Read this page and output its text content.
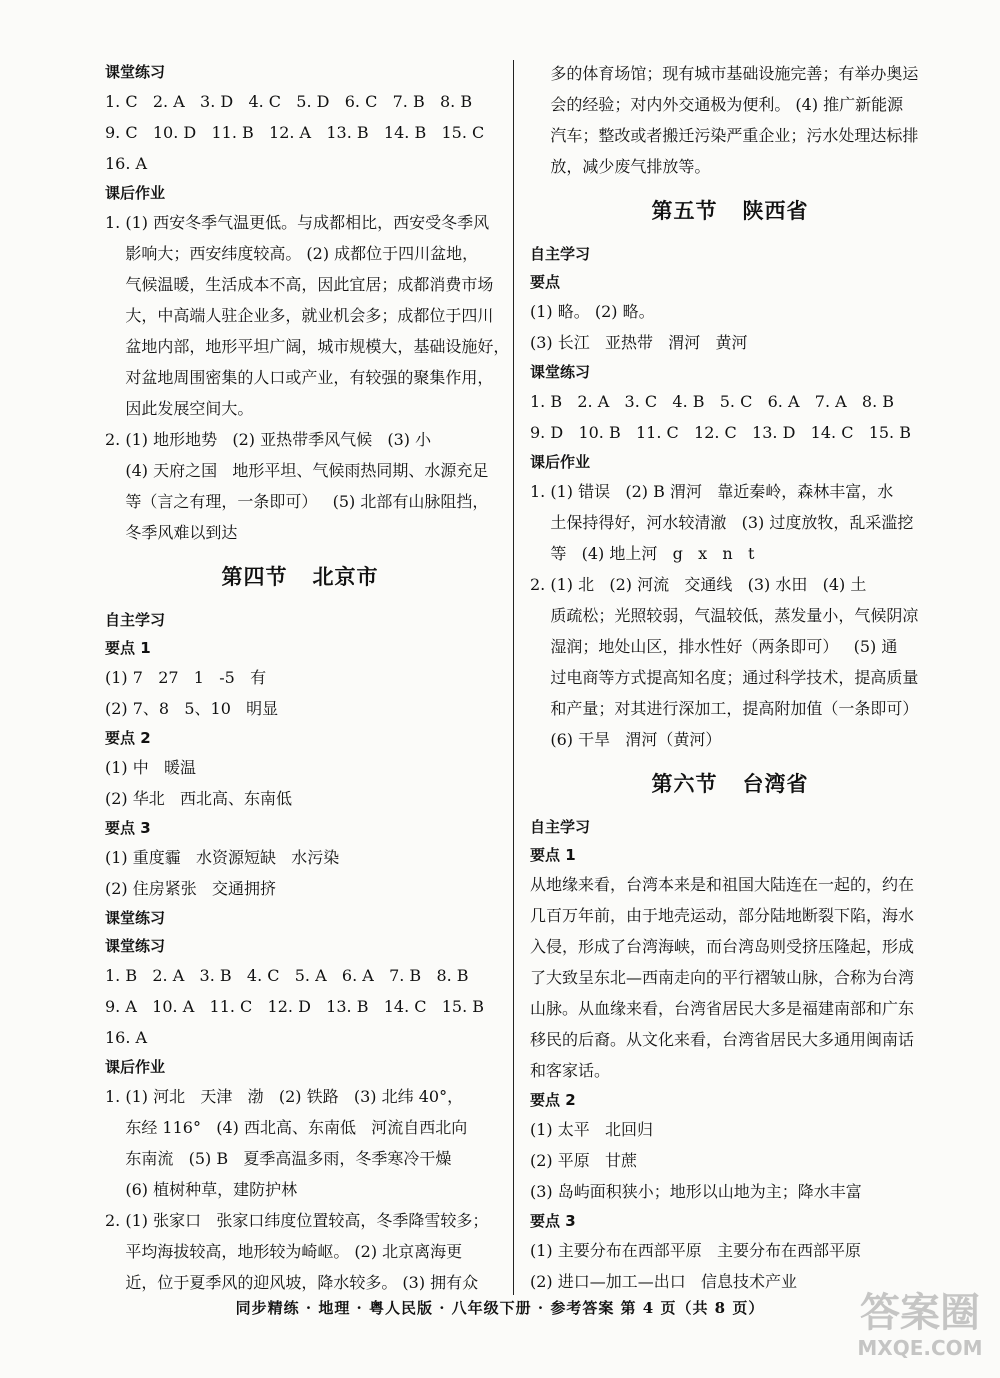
课堂练习
1. C   2. A   3. D   4. C   5. D   6. C   7. B   8. B
9. C   10. D   11. B   12. A   13. B   14. B   15. C
16. A
课后作业
1. (1) 西安冬季气温更低。与成都相比，西安受冬季风
影响大；西安纬度较高。 (2) 成都位于四川盆地，
气候温暖，生活成本不高，因此宜居；成都消费市场
大，中高端人驻企业多，就业机会多；成都位于四川
盆地内部，地形平坦广阔，城市规模大，基础设施好，
对盆地周围密集的人口或产业，有较强的聚集作用，
因此发展空间大。
2. (1) 地形地势   (2) 亚热带季风气候   (3) 小
(4) 天府之国   地形平坦、气候雨热同期、水源充足
等（言之有理，一条即可）   (5) 北部有山脉阻挡，
冬季风难以到达
第四节   北京市
自主学习
要点 1
(1) 7   27   1   -5   有
(2) 7、8   5、10   明显
要点 2
(1) 中   暖温
(2) 华北   西北高、东南低
要点 3
(1) 重度霾   水资源短缺   水污染
(2) 住房紧张   交通拥挤
课堂练习
课堂练习
1. B   2. A   3. B   4. C   5. A   6. A   7. B   8. B
9. A   10. A   11. C   12. D   13. B   14. C   15. B
16. A
课后作业
1. (1) 河北   天津   渤   (2) 铁路   (3) 北纬 40°，
东经 116°   (4) 西北高、东南低   河流自西北向
东南流   (5) B   夏季高温多雨，冬季寒冷干燥
(6) 植树种草，建防护林
2. (1) 张家口   张家口纬度位置较高，冬季降雪较多；
平均海拔较高，地形较为崎岖。 (2) 北京离海更
近，位于夏季风的迎风坡，降水较多。 (3) 拥有众
多的体育场馆；现有城市基础设施完善；有举办奥运
会的经验；对内外交通极为便利。 (4) 推广新能源
汽车；整改或者搬迁污染严重企业；污水处理达标排
放，减少废气排放等。
第五节   陕西省
自主学习
要点
(1) 略。 (2) 略。
(3) 长江   亚热带   渭河   黄河
课堂练习
1. B   2. A   3. C   4. B   5. C   6. A   7. A   8. B
9. D   10. B   11. C   12. C   13. D   14. C   15. B
课后作业
1. (1) 错误   (2) B 渭河   靠近秦岭，森林丰富，水
土保持得好，河水较清澈   (3) 过度放牧，乱采滥挖
等   (4) 地上河   g   x   n   t
2. (1) 北   (2) 河流   交通线   (3) 水田   (4) 土
质疏松；光照较弱，气温较低，蒸发量小，气候阴凉
湿润；地处山区，排水性好（两条即可）   (5) 通
过电商等方式提高知名度；通过科学技术，提高质量
和产量；对其进行深加工，提高附加值（一条即可）
(6) 干旱   渭河（黄河）
第六节   台湾省
自主学习
要点 1
从地缘来看，台湾本来是和祖国大陆连在一起的，约在
几百万年前，由于地壳运动，部分陆地断裂下陷，海水
入侵，形成了台湾海峡，而台湾岛则受挤压隆起，形成
了大致呈东北—西南走向的平行褶皱山脉，合称为台湾
山脉。从血缘来看，台湾省居民大多是福建南部和广东
移民的后裔。从文化来看，台湾省居民大多通用闽南话
和客家话。
要点 2
(1) 太平   北回归
(2) 平原   甘蔗
(3) 岛屿面积狭小；地形以山地为主；降水丰富
要点 3
(1) 主要分布在西部平原   主要分布在西部平原
(2) 进口—加工—出口   信息技术产业
同步精练 · 地理 · 粤人民版 · 八年级下册 · 参考答案 第 4 页（共 8 页）	答案圈
MXQE.COM
